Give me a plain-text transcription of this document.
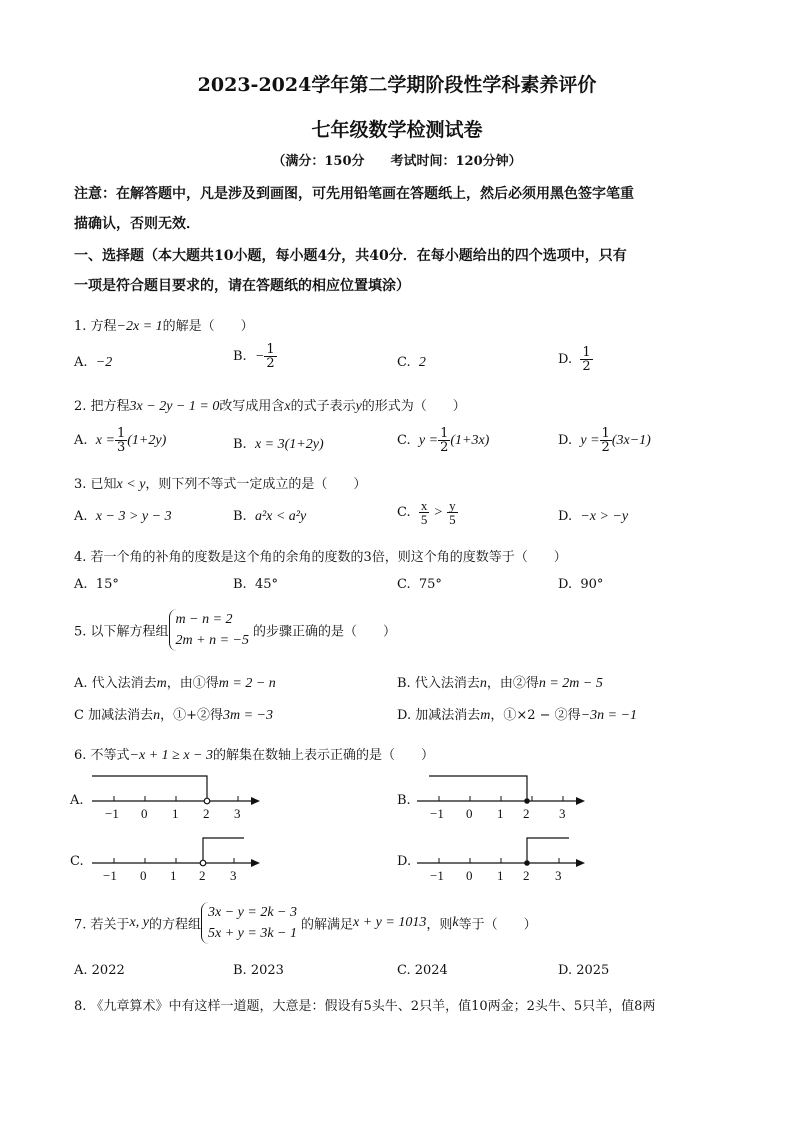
2023-2024学年第二学期阶段性学科素养评价
七年级数学检测试卷
（满分：150分　　考试时间：120分钟）
注意：在解答题中，凡是涉及到画图，可先用铅笔画在答题纸上，然后必须用黑色签字笔重
描确认，否则无效．
一、选择题（本大题共10小题，每小题4分，共40分．在每小题给出的四个选项中，只有
一项是符合题目要求的，请在答题纸的相应位置填涂）
1. 方程−2x = 1的解是（　　）
A. −2	B. − $\frac{1}{2}$	C. 2	D. $\frac{1}{2}$
2. 把方程3x − 2y − 1 = 0改写成用含x的式子表示y的形式为（　　）
A. $x = \frac{1}{3} (1+2y)$	B. x = 3(1+2y)	C. $y = \frac{1}{2} (1+3x)$	D. $y = \frac{1}{2} (3x-1)$
3. 已知x < y，则下列不等式一定成立的是（　　）
A. x − 3 > y − 3	B. a²x < a²y	C. $\frac{x}{5} > \frac{y}{5}$	D. −x > −y
4. 若一个角的补角的度数是这个角的余角的度数的3倍，则这个角的度数等于（　　）
A. 15°	B. 45°	C. 75°	D. 90°
5. 以下解方程组
m − n = 2
2m + n = −5
的步骤正确的是（　　）
A. 代入法消去m，由①得m = 2 − n	B. 代入法消去n，由②得n = 2m − 5
C 加减法消去n，①+②得3m = −3	D. 加减法消去m，①×2 − ②得−3n = −1
6. 不等式−x + 1 ≥ x − 3的解集在数轴上表示正确的是（　　）
A.
−1 0 1 2 3
B.
−1 0 1 2 3
C.
−1 0 1 2 3
D.
−1 0 1 2 3
7. 若关于x, y的方程组
3x − y = 2k − 3
5x + y = 3k − 1
的解满足x + y = 1013，则k等于（　　）
A. 2022	B. 2023	C. 2024	D. 2025
8. 《九章算术》中有这样一道题，大意是：假设有5头牛、2只羊，值10两金；2头牛、5只羊，值8两
